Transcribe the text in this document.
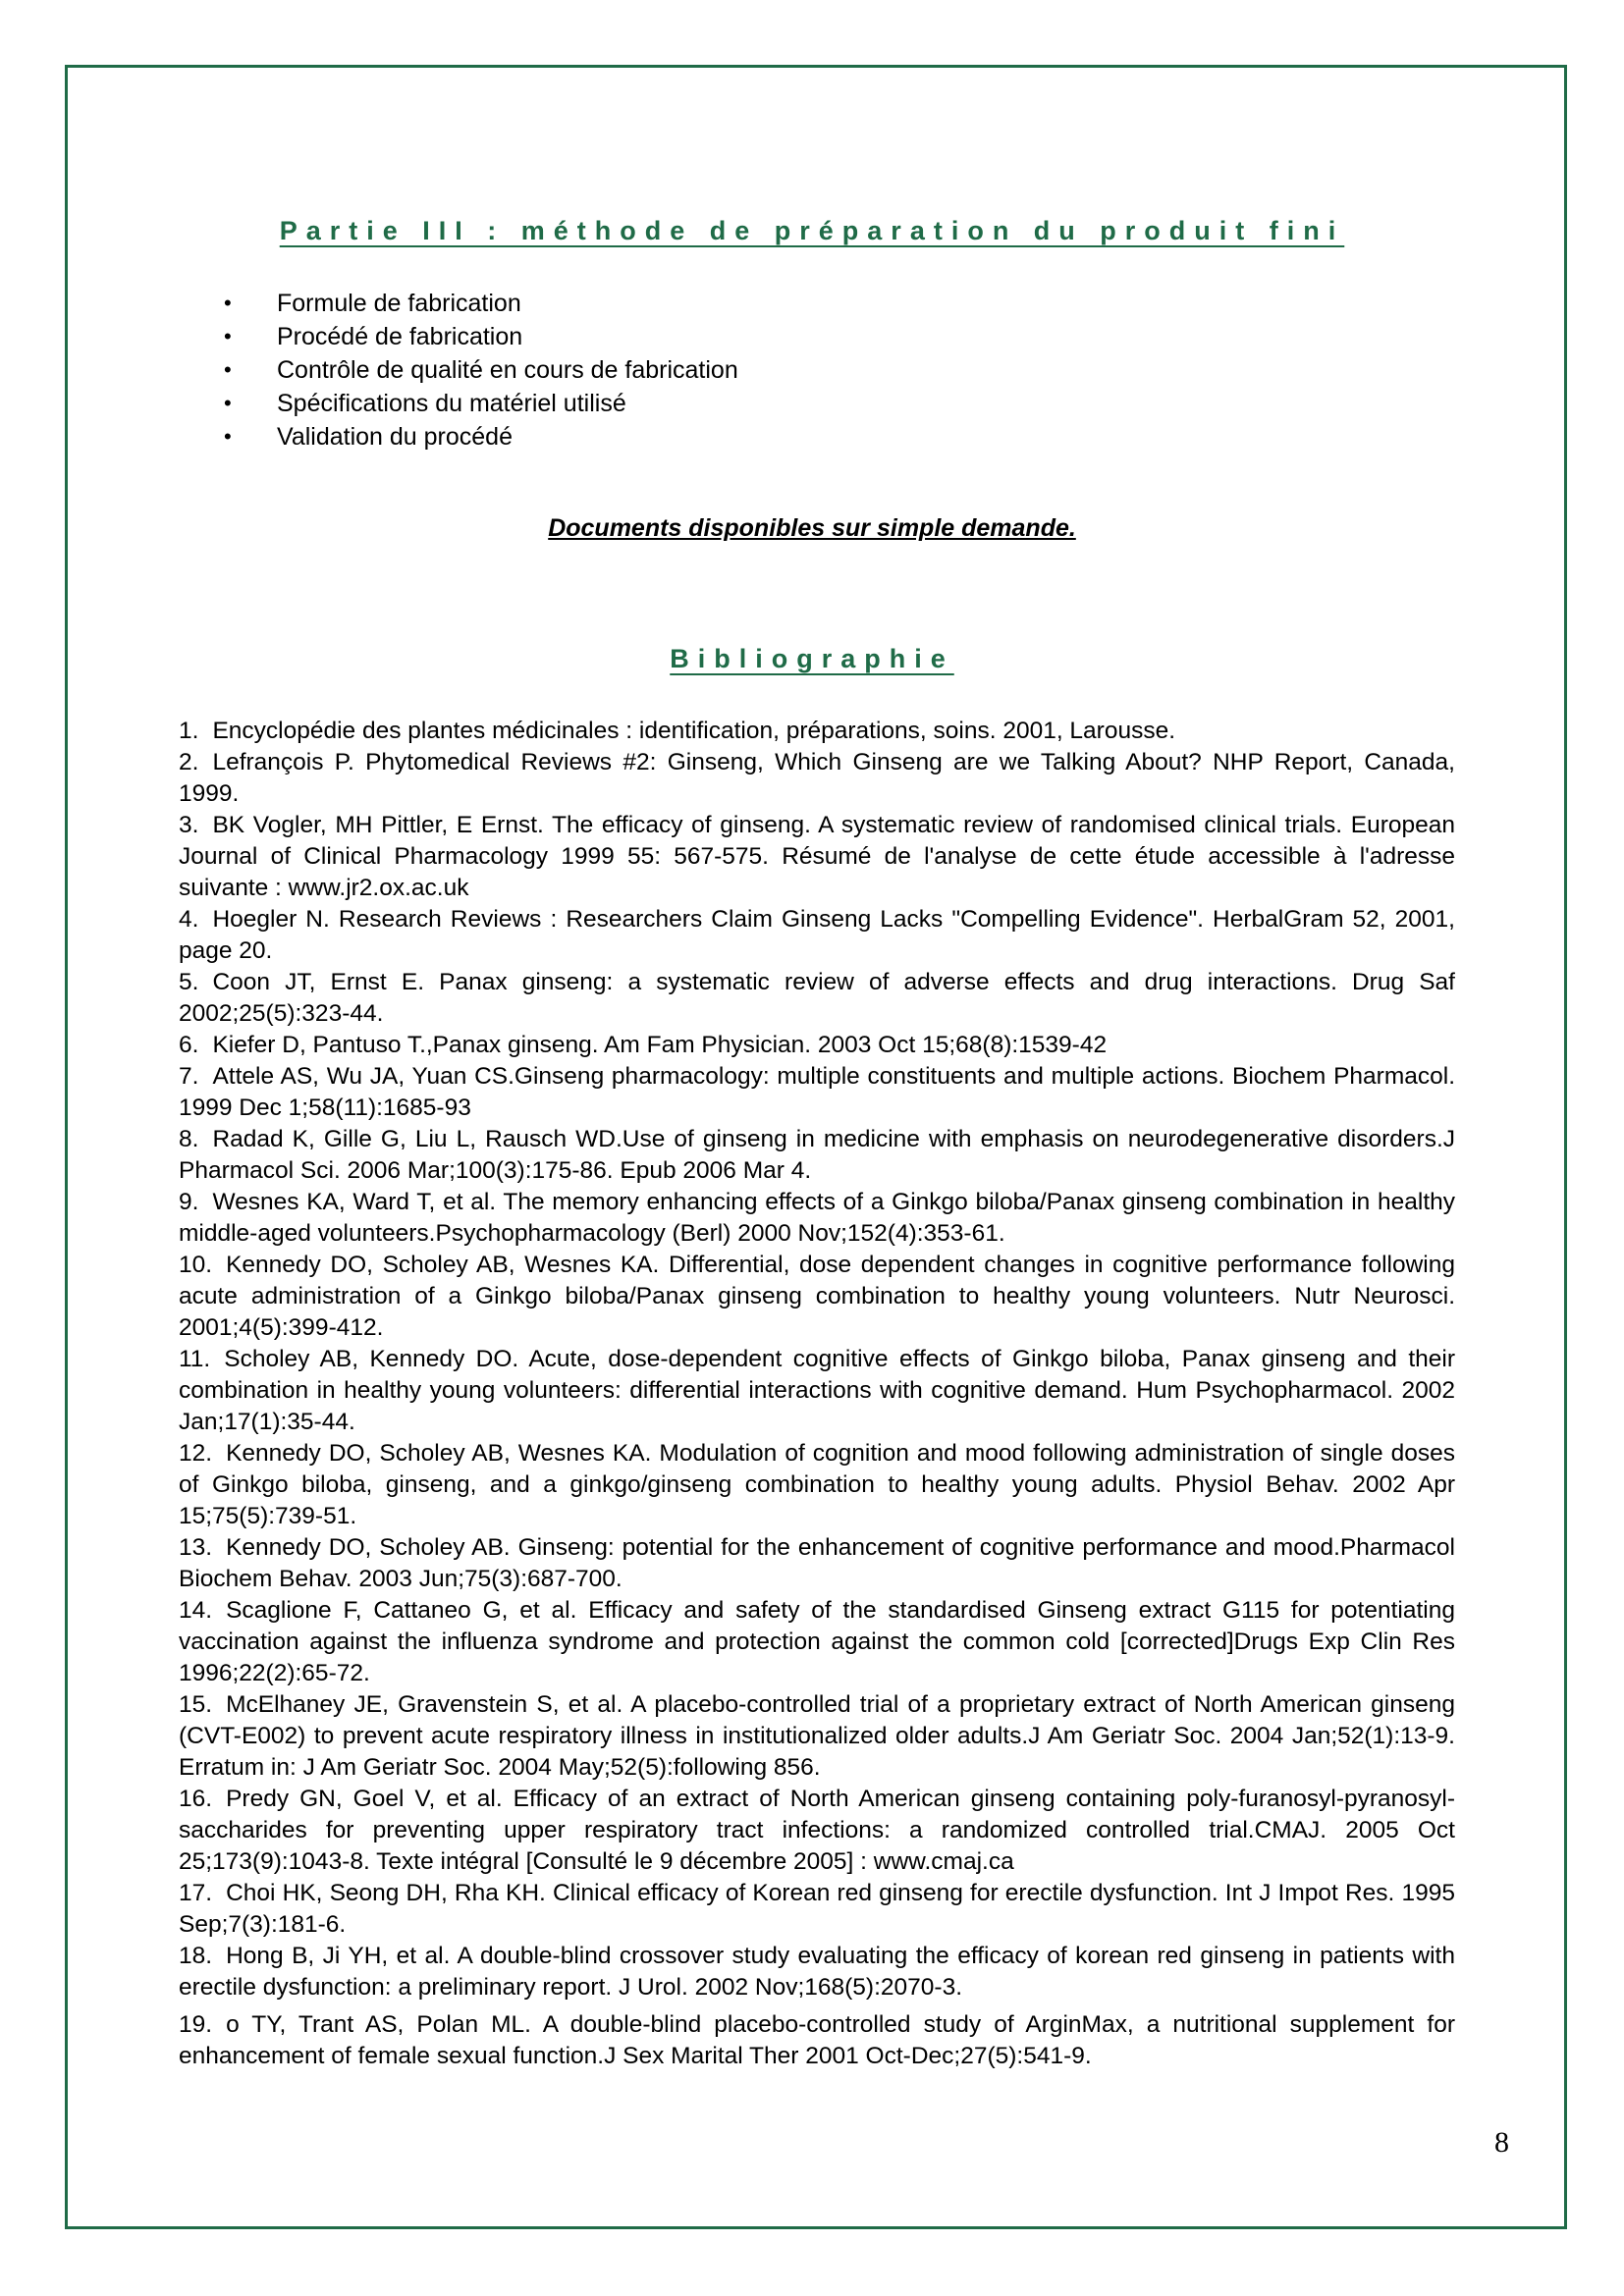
Partie III : méthode de préparation du produit fini
• Formule de fabrication
• Procédé de fabrication
• Contrôle de qualité en cours de fabrication
• Spécifications du matériel utilisé
• Validation du procédé
Documents disponibles sur simple demande.
Bibliographie
1. Encyclopédie des plantes médicinales : identification, préparations, soins. 2001, Larousse.
2. Lefrançois P. Phytomedical Reviews #2: Ginseng, Which Ginseng are we Talking About? NHP Report, Canada, 1999.
3. BK Vogler, MH Pittler, E Ernst. The efficacy of ginseng. A systematic review of randomised clinical trials. European Journal of Clinical Pharmacology 1999 55: 567-575. Résumé de l'analyse de cette étude accessible à l'adresse suivante : www.jr2.ox.ac.uk
4. Hoegler N. Research Reviews : Researchers Claim Ginseng Lacks "Compelling Evidence". HerbalGram 52, 2001, page 20.
5. Coon JT, Ernst E. Panax ginseng: a systematic review of adverse effects and drug interactions. Drug Saf 2002;25(5):323-44.
6. Kiefer D, Pantuso T.,Panax ginseng. Am Fam Physician. 2003 Oct 15;68(8):1539-42
7. Attele AS, Wu JA, Yuan CS.Ginseng pharmacology: multiple constituents and multiple actions. Biochem Pharmacol. 1999 Dec 1;58(11):1685-93
8. Radad K, Gille G, Liu L, Rausch WD.Use of ginseng in medicine with emphasis on neurodegenerative disorders.J Pharmacol Sci. 2006 Mar;100(3):175-86. Epub 2006 Mar 4.
9. Wesnes KA, Ward T, et al. The memory enhancing effects of a Ginkgo biloba/Panax ginseng combination in healthy middle-aged volunteers.Psychopharmacology (Berl) 2000 Nov;152(4):353-61.
10. Kennedy DO, Scholey AB, Wesnes KA. Differential, dose dependent changes in cognitive performance following acute administration of a Ginkgo biloba/Panax ginseng combination to healthy young volunteers. Nutr Neurosci. 2001;4(5):399-412.
11. Scholey AB, Kennedy DO. Acute, dose-dependent cognitive effects of Ginkgo biloba, Panax ginseng and their combination in healthy young volunteers: differential interactions with cognitive demand. Hum Psychopharmacol. 2002 Jan;17(1):35-44.
12. Kennedy DO, Scholey AB, Wesnes KA. Modulation of cognition and mood following administration of single doses of Ginkgo biloba, ginseng, and a ginkgo/ginseng combination to healthy young adults. Physiol Behav. 2002 Apr 15;75(5):739-51.
13. Kennedy DO, Scholey AB. Ginseng: potential for the enhancement of cognitive performance and mood.Pharmacol Biochem Behav. 2003 Jun;75(3):687-700.
14. Scaglione F, Cattaneo G, et al. Efficacy and safety of the standardised Ginseng extract G115 for potentiating vaccination against the influenza syndrome and protection against the common cold [corrected]Drugs Exp Clin Res 1996;22(2):65-72.
15. McElhaney JE, Gravenstein S, et al. A placebo-controlled trial of a proprietary extract of North American ginseng (CVT-E002) to prevent acute respiratory illness in institutionalized older adults.J Am Geriatr Soc. 2004 Jan;52(1):13-9. Erratum in: J Am Geriatr Soc. 2004 May;52(5):following 856.
16. Predy GN, Goel V, et al. Efficacy of an extract of North American ginseng containing poly-furanosyl-pyranosyl-saccharides for preventing upper respiratory tract infections: a randomized controlled trial.CMAJ. 2005 Oct 25;173(9):1043-8. Texte intégral [Consulté le 9 décembre 2005] : www.cmaj.ca
17. Choi HK, Seong DH, Rha KH. Clinical efficacy of Korean red ginseng for erectile dysfunction. Int J Impot Res. 1995 Sep;7(3):181-6.
18. Hong B, Ji YH, et al. A double-blind crossover study evaluating the efficacy of korean red ginseng in patients with erectile dysfunction: a preliminary report. J Urol. 2002 Nov;168(5):2070-3.
19. o TY, Trant AS, Polan ML. A double-blind placebo-controlled study of ArginMax, a nutritional supplement for enhancement of female sexual function.J Sex Marital Ther 2001 Oct-Dec;27(5):541-9.
8
